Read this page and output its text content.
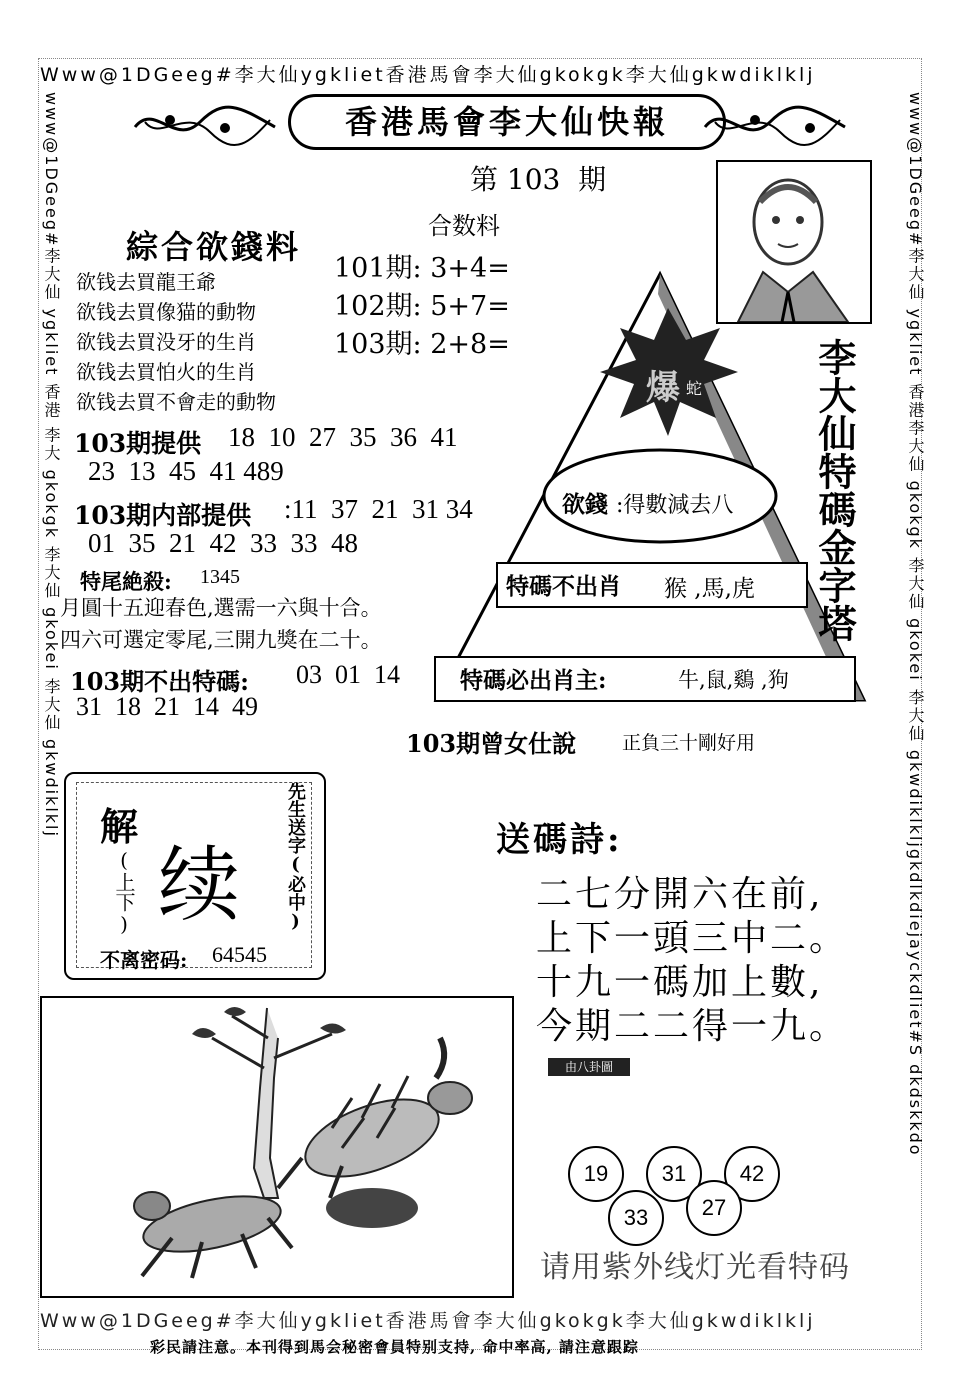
Www@1DGeeg#李大仙ygkliet香港馬會李大仙gkokgk李大仙gkwdiklklj
www@1DGeeg#李大仙 ygkliet 香港 李大 gkokgk 李大仙 gkokei 李大仙 gkwdiklklj	www@1DGeeg#李大仙 ygkliet 香港李大仙 gkokgk 李大仙 gkokei 李大仙 gkwdiklkljgkdlkdiejayckdliet#S dkdskkdo
Www@1DGeeg#李大仙ygkliet香港馬會李大仙gkokgk李大仙gkwdiklklj
香港馬會李大仙快報
第 103  期
合数料
101期: 3+4=
102期: 5+7=
103期: 2+8=
綜合欲錢料
欲钱去買龍王爺
欲钱去買像猫的動物
欲钱去買没牙的生肖
欲钱去買怕火的生肖
欲钱去買不會走的動物
103期提供 18  10  27  35  36  41
23  13  45  41 489
103期内部提供 :11  37  21  31 34
01  35  21  42  33  33  48
特尾絶殺: 1345
月圓十五迎春色,選需一六與十合。
四六可選定零尾,三開九獎在二十。
103期不出特碼: 03  01  14
31  18  21  14  49
爆 蛇
欲錢 :得數減去八
特碼不出肖 猴 ,馬,虎
特碼必出肖主:	牛,鼠,鷄 ,狗
李大仙特碼金字塔
103期曾女仕說 正負三十剛好用
解
(上下) 续 先生送字(必中)
不离密码: 64545
送碼詩:
二七分開六在前,
上下一頭三中二。
十九一碼加上數,
今期二二得一九。
由八卦圖
19	31	42
33	27
请用紫外线灯光看特码
彩民請注意。本刊得到馬会秘密會員特别支持, 命中率高, 請注意跟踪
